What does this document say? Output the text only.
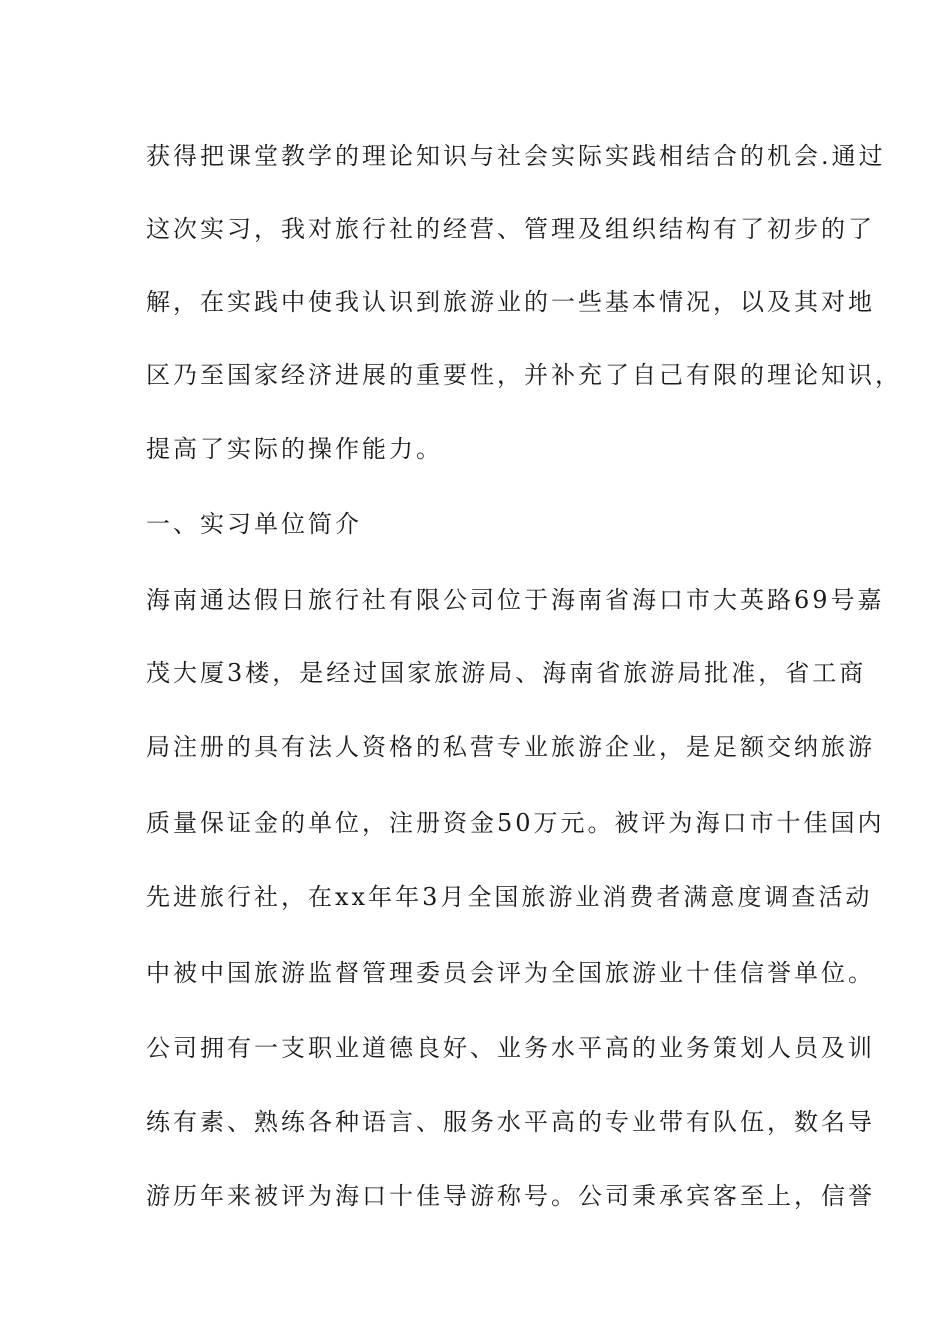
获得把课堂教学的理论知识与社会实际实践相结合的机会.通过
这次实习，我对旅行社的经营、管理及组织结构有了初步的了
解，在实践中使我认识到旅游业的一些基本情况，以及其对地
区乃至国家经济进展的重要性，并补充了自己有限的理论知识，
提高了实际的操作能力。
一、实习单位简介
海南通达假日旅行社有限公司位于海南省海口市大英路69号嘉
茂大厦3楼，是经过国家旅游局、海南省旅游局批准，省工商
局注册的具有法人资格的私营专业旅游企业，是足额交纳旅游
质量保证金的单位，注册资金50万元。被评为海口市十佳国内
先进旅行社，在xx年年3月全国旅游业消费者满意度调查活动
中被中国旅游监督管理委员会评为全国旅游业十佳信誉单位。
公司拥有一支职业道德良好、业务水平高的业务策划人员及训
练有素、熟练各种语言、服务水平高的专业带有队伍，数名导
游历年来被评为海口十佳导游称号。公司秉承宾客至上，信誉
